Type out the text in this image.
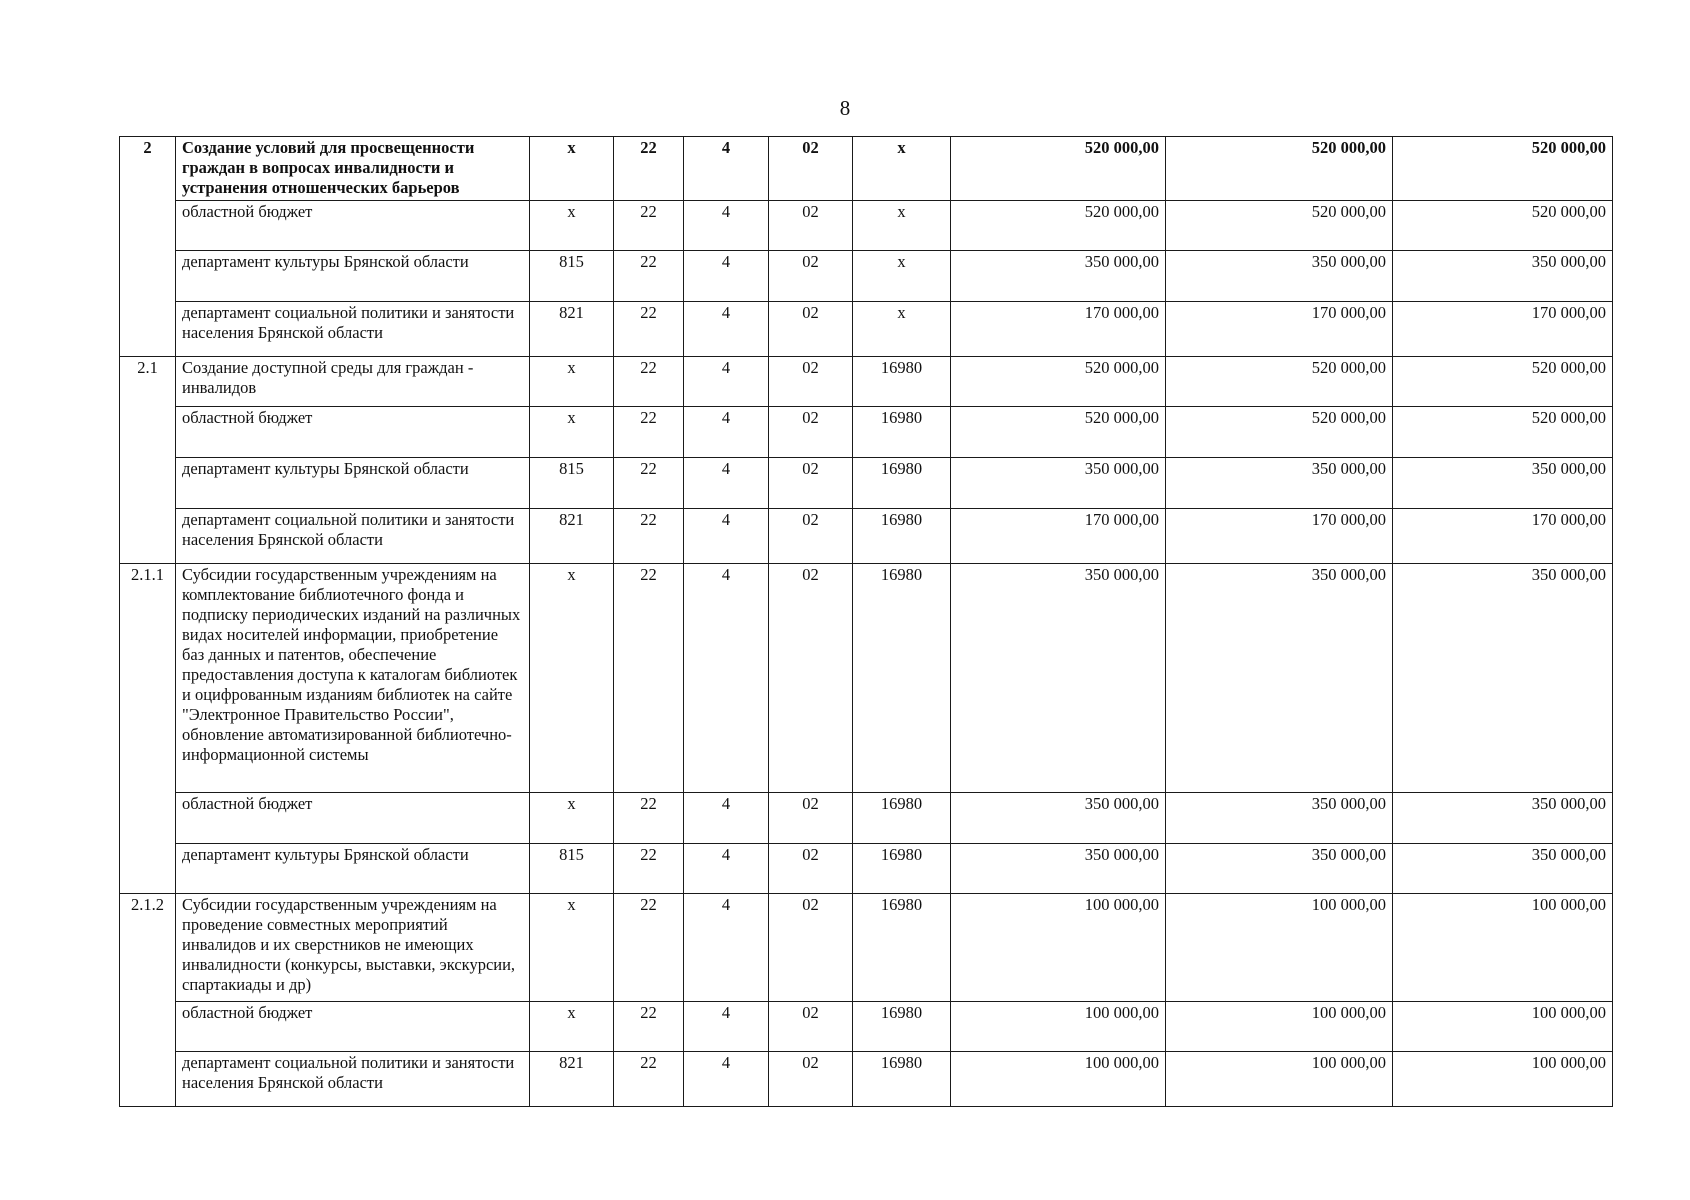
8
2	Создание условий для просвещенности граждан в вопросах инвалидности и устранения отношенческих барьеров	х	22	4	02	х	520 000,00	520 000,00	520 000,00
	областной бюджет	х	22	4	02	х	520 000,00	520 000,00	520 000,00
	департамент культуры Брянской области	815	22	4	02	х	350 000,00	350 000,00	350 000,00
	департамент социальной политики и занятости населения Брянской области	821	22	4	02	х	170 000,00	170 000,00	170 000,00
2.1	Создание доступной среды для граждан - инвалидов	х	22	4	02	16980	520 000,00	520 000,00	520 000,00
	областной бюджет	х	22	4	02	16980	520 000,00	520 000,00	520 000,00
	департамент культуры Брянской области	815	22	4	02	16980	350 000,00	350 000,00	350 000,00
	департамент социальной политики и занятости населения Брянской области	821	22	4	02	16980	170 000,00	170 000,00	170 000,00
2.1.1	Субсидии государственным учреждениям на комплектование библиотечного фонда и подписку периодических изданий на различных видах носителей информации, приобретение баз данных и патентов, обеспечение предоставления доступа к каталогам библиотек и оцифрованным изданиям библиотек на сайте "Электронное Правительство России", обновление автоматизированной библиотечно-информационной системы	х	22	4	02	16980	350 000,00	350 000,00	350 000,00
	областной бюджет	х	22	4	02	16980	350 000,00	350 000,00	350 000,00
	департамент культуры Брянской области	815	22	4	02	16980	350 000,00	350 000,00	350 000,00
2.1.2	Субсидии государственным учреждениям на проведение совместных мероприятий инвалидов и их сверстников не имеющих инвалидности (конкурсы, выставки, экскурсии, спартакиады и др)	х	22	4	02	16980	100 000,00	100 000,00	100 000,00
	областной бюджет	х	22	4	02	16980	100 000,00	100 000,00	100 000,00
	департамент социальной политики и занятости населения Брянской области	821	22	4	02	16980	100 000,00	100 000,00	100 000,00
